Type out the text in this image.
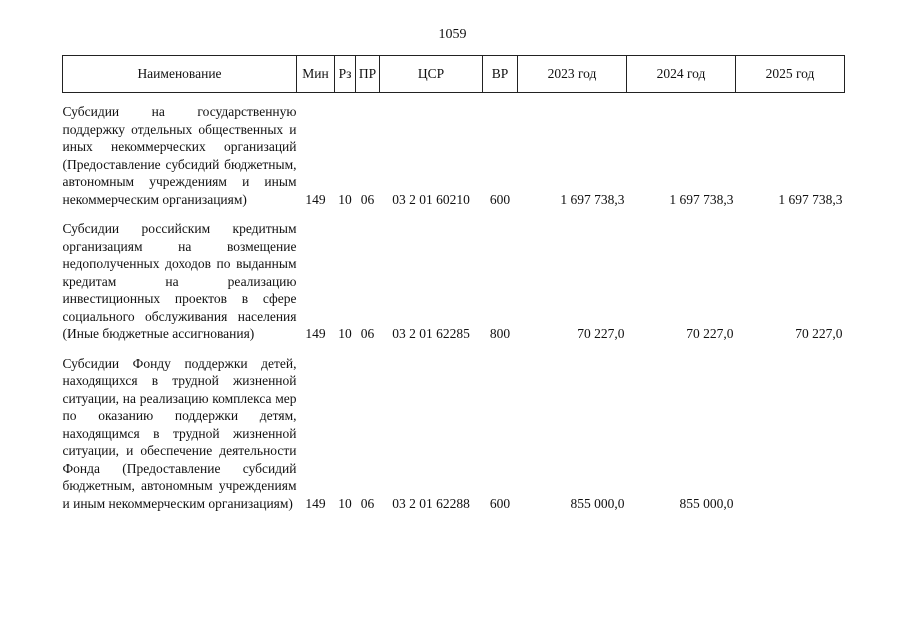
1059
Наименование	Мин	Рз	ПР	ЦСР	ВР	2023 год	2024 год	2025 год
Субсидии на государственную поддержку отдельных общественных и иных некоммерческих организаций (Предоставление субсидий бюджетным, автономным учреждениям и иным некоммерческим организациям)	149	10	06	03 2 01 60210	600	1 697 738,3	1 697 738,3	1 697 738,3
Субсидии российским кредитным организациям на возмещение недополученных доходов по выданным кредитам на реализацию инвестиционных проектов в сфере социального обслуживания населения (Иные бюджетные ассигнования)	149	10	06	03 2 01 62285	800	70 227,0	70 227,0	70 227,0
Субсидии Фонду поддержки детей, находящихся в трудной жизненной ситуации, на реализацию комплекса мер по оказанию поддержки детям, находящимся в трудной жизненной ситуации, и обеспечение деятельности Фонда (Предоставление субсидий бюджетным, автономным учреждениям и иным некоммерческим организациям)	149	10	06	03 2 01 62288	600	855 000,0	855 000,0	
